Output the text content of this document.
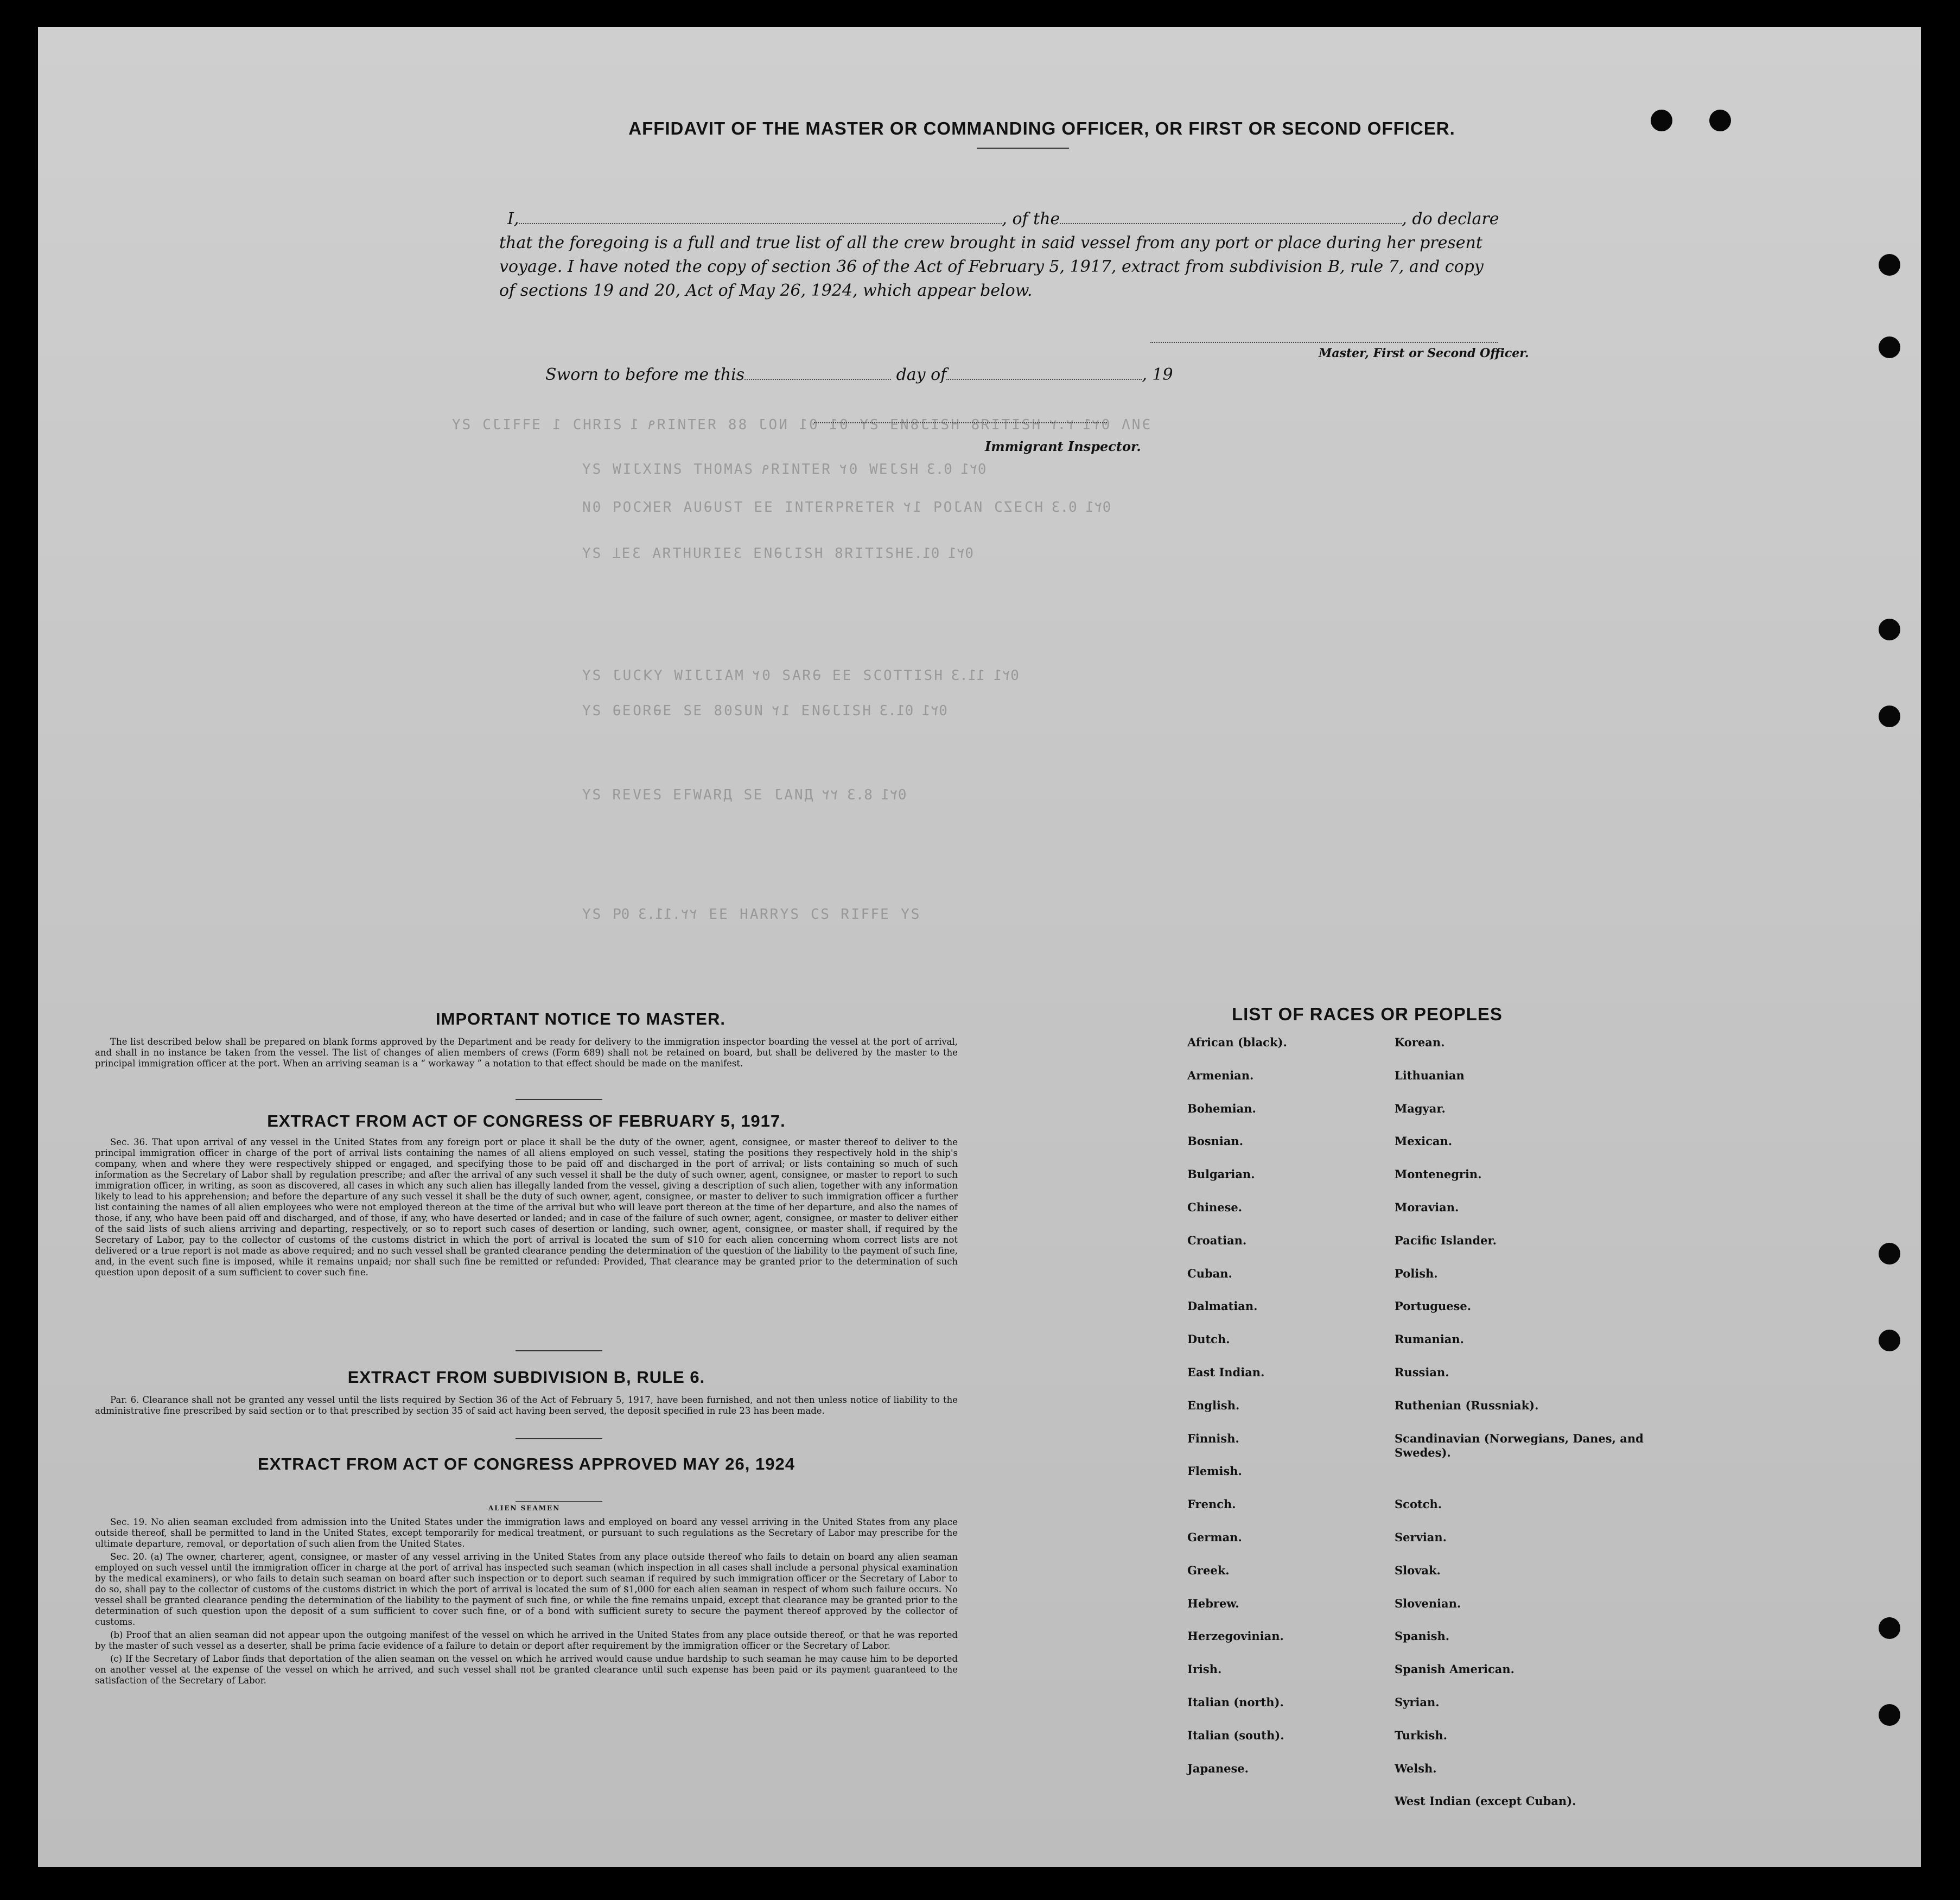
ЭИΛ 0۲1 ٢.٢ HƧITIЯ8 HƧIJ8И∃ ƧY 01 01 NOJ 88 ЯƎTИIЯ٩ 1 ƧIЯHƆ 1 ƎꟻꟻIJƆ ƧY
0٢1 0.3 HƧJƎW 0٢ ЯƎTИIЯ٩ ƧAMOHT ƧИIXJIW ƧY
0٢1 0.3 HƆƎZƆ ИAJOꟼ 1۲ ЯƎTƎЯꟼЯƎTИI ƎƎ TƧUƏUA ЯƎKƆOꟼ 0И
0٢1 01.ƎHƧITIЯ8 HƧIJƏИƎ 3ƎIЯUHTЯA 3ƎꞱ ƧY
0٢1 11.3 HƧITTOƆƧ ƎƎ ƏЯAƧ 0٢ MAIJJIW YꓘƆUJ ƧY
0٢1 01.3 HƧIJƏИƎ 1۲ ИUƧ08 ƎƧ ƎƏЯOƎƏ ƧY
0٢1 8.3 ٢٢ ДИAJ ƎƧ ДЯAWꟻƎ ƧƎVƎЯ ƧY
ƧY ƎꟻꟻIЯ ƧƆ ƧYЯЯAH ƎƎ ٢٢.11.3 0ꟼ ƧY
AFFIDAVIT OF THE MASTER OR COMMANDING OFFICER, OR FIRST OR SECOND OFFICER.
I,	, of the	, do declare
that the foregoing is a full and true list of all the crew brought in said vessel from any port or place during her present
voyage. I have noted the copy of section 36 of the Act of February 5, 1917, extract from subdivision B, rule 7, and copy
of sections 19 and 20, Act of May 26, 1924, which appear below.
Master, First or Second Officer.
Sworn to before me this	day of	, 19
Immigrant Inspector.
IMPORTANT NOTICE TO MASTER.

The list described below shall be prepared on blank forms approved by the Department and be ready for delivery to the immigration inspector boarding the vessel at the port of arrival, and shall in no instance be taken from the vessel. The list of changes of alien members of crews (Form 689) shall not be retained on board, but shall be delivered by the master to the principal immigration officer at the port. When an arriving seaman is a “ workaway ” a notation to that effect should be made on the manifest.

EXTRACT FROM ACT OF CONGRESS OF FEBRUARY 5, 1917.

Sec. 36. That upon arrival of any vessel in the United States from any foreign port or place it shall be the duty of the owner, agent, consignee, or master thereof to deliver to the principal immigration officer in charge of the port of arrival lists containing the names of all aliens employed on such vessel, stating the positions they respectively hold in the ship's company, when and where they were respectively shipped or engaged, and specifying those to be paid off and discharged in the port of arrival; or lists containing so much of such information as the Secretary of Labor shall by regulation prescribe; and after the arrival of any such vessel it shall be the duty of such owner, agent, consignee, or master to report to such immigration officer, in writing, as soon as discovered, all cases in which any such alien has illegally landed from the vessel, giving a description of such alien, together with any information likely to lead to his apprehension; and before the departure of any such vessel it shall be the duty of such owner, agent, consignee, or master to deliver to such immigration officer a further list containing the names of all alien employees who were not employed thereon at the time of the arrival but who will leave port thereon at the time of her departure, and also the names of those, if any, who have been paid off and discharged, and of those, if any, who have deserted or landed; and in case of the failure of such owner, agent, consignee, or master to deliver either of the said lists of such aliens arriving and departing, respectively, or so to report such cases of desertion or landing, such owner, agent, consignee, or master shall, if required by the Secretary of Labor, pay to the collector of customs of the customs district in which the port of arrival is located the sum of $10 for each alien concerning whom correct lists are not delivered or a true report is not made as above required; and no such vessel shall be granted clearance pending the determination of the question of the liability to the payment of such fine, and, in the event such fine is imposed, while it remains unpaid; nor shall such fine be remitted or refunded: Provided, That clearance may be granted prior to the determination of such question upon deposit of a sum sufficient to cover such fine.

EXTRACT FROM SUBDIVISION B, RULE 6.

Par. 6. Clearance shall not be granted any vessel until the lists required by Section 36 of the Act of February 5, 1917, have been furnished, and not then unless notice of liability to the administrative fine prescribed by said section or to that prescribed by section 35 of said act having been served, the deposit specified in rule 23 has been made.

EXTRACT FROM ACT OF CONGRESS APPROVED MAY 26, 1924
ALIEN SEAMEN

Sec. 19. No alien seaman excluded from admission into the United States under the immigration laws and employed on board any vessel arriving in the United States from any place outside thereof, shall be permitted to land in the United States, except temporarily for medical treatment, or pursuant to such regulations as the Secretary of Labor may prescribe for the ultimate departure, removal, or deportation of such alien from the United States.

Sec. 20. (a) The owner, charterer, agent, consignee, or master of any vessel arriving in the United States from any place outside thereof who fails to detain on board any alien seaman employed on such vessel until the immigration officer in charge at the port of arrival has inspected such seaman (which inspection in all cases shall include a personal physical examination by the medical examiners), or who fails to detain such seaman on board after such inspection or to deport such seaman if required by such immigration officer or the Secretary of Labor to do so, shall pay to the collector of customs of the customs district in which the port of arrival is located the sum of $1,000 for each alien seaman in respect of whom such failure occurs. No vessel shall be granted clearance pending the determination of the liability to the payment of such fine, or while the fine remains unpaid, except that clearance may be granted prior to the determination of such question upon the deposit of a sum sufficient to cover such fine, or of a bond with sufficient surety to secure the payment thereof approved by the collector of customs.

(b) Proof that an alien seaman did not appear upon the outgoing manifest of the vessel on which he arrived in the United States from any place outside thereof, or that he was reported by the master of such vessel as a deserter, shall be prima facie evidence of a failure to detain or deport after requirement by the immigration officer or the Secretary of Labor.

(c) If the Secretary of Labor finds that deportation of the alien seaman on the vessel on which he arrived would cause undue hardship to such seaman he may cause him to be deported on another vessel at the expense of the vessel on which he arrived, and such vessel shall not be granted clearance until such expense has been paid or its payment guaranteed to the satisfaction of the Secretary of Labor.

LIST OF RACES OR PEOPLES
African (black).
Armenian.
Bohemian.
Bosnian.
Bulgarian.
Chinese.
Croatian.
Cuban.
Dalmatian.
Dutch.
East Indian.
English.
Finnish.
Flemish.
French.
German.
Greek.
Hebrew.
Herzegovinian.
Irish.
Italian (north).
Italian (south).
Japanese.
Korean.
Lithuanian
Magyar.
Mexican.
Montenegrin.
Moravian.
Pacific Islander.
Polish.
Portuguese.
Rumanian.
Russian.
Ruthenian (Russniak).
Scandinavian (Norwegians, Danes, and Swedes).
Scotch.
Servian.
Slovak.
Slovenian.
Spanish.
Spanish American.
Syrian.
Turkish.
Welsh.
West Indian (except Cuban).
